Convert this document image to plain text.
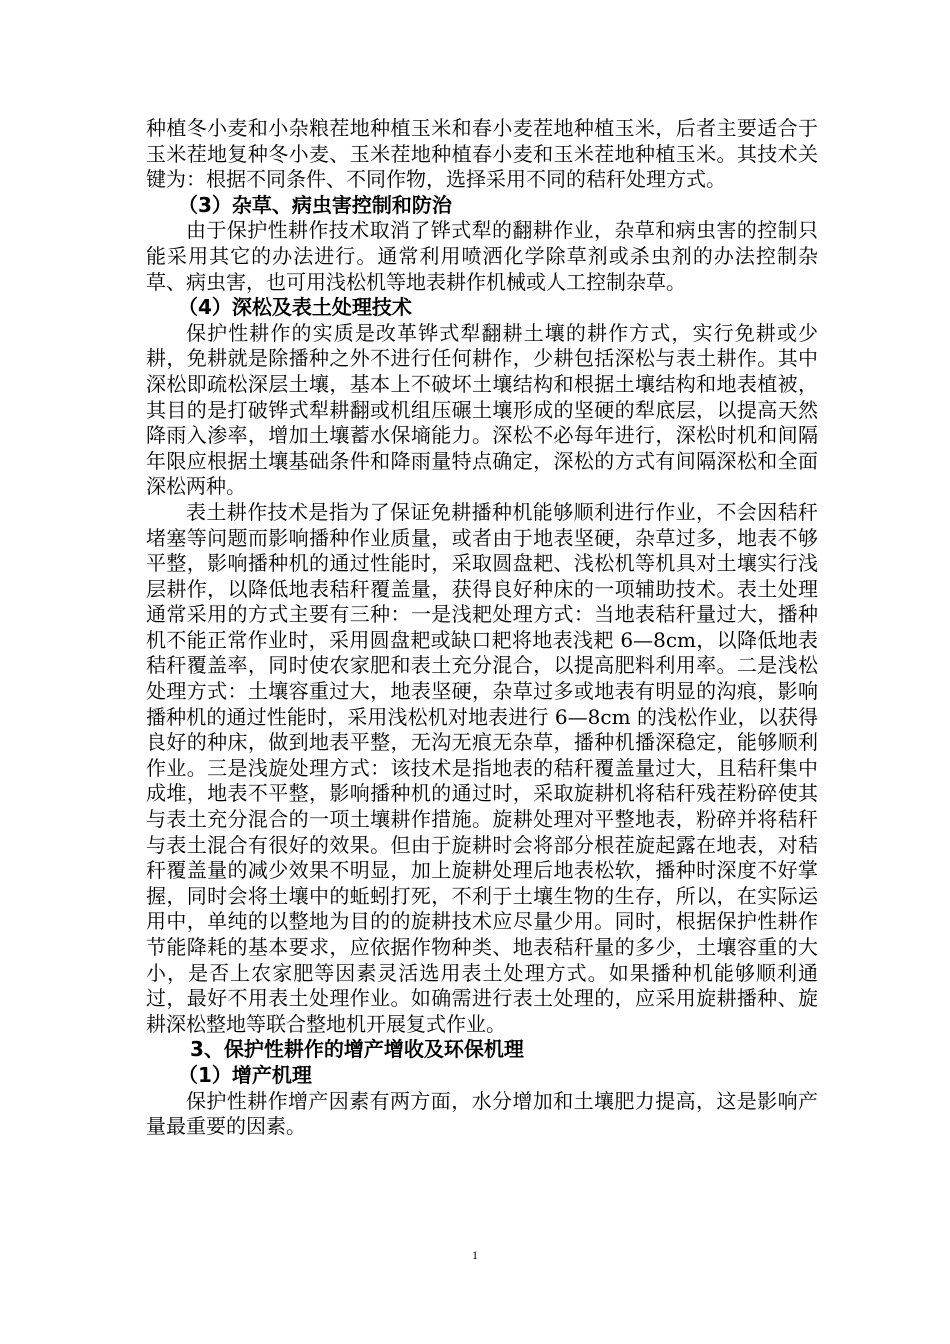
种植冬小麦和小杂粮茬地种植玉米和春小麦茬地种植玉米，后者主要适合于玉米茬地复种冬小麦、玉米茬地种植春小麦和玉米茬地种植玉米。其技术关键为：根据不同条件、不同作物，选择采用不同的秸秆处理方式。

（3）杂草、病虫害控制和防治

由于保护性耕作技术取消了铧式犁的翻耕作业，杂草和病虫害的控制只能采用其它的办法进行。通常利用喷洒化学除草剂或杀虫剂的办法控制杂草、病虫害，也可用浅松机等地表耕作机械或人工控制杂草。

（4）深松及表土处理技术

保护性耕作的实质是改革铧式犁翻耕土壤的耕作方式，实行免耕或少耕，免耕就是除播种之外不进行任何耕作，少耕包括深松与表土耕作。其中深松即疏松深层土壤，基本上不破坏土壤结构和根据土壤结构和地表植被，其目的是打破铧式犁耕翻或机组压碾土壤形成的坚硬的犁底层，以提高天然降雨入渗率，增加土壤蓄水保墒能力。深松不必每年进行，深松时机和间隔年限应根据土壤基础条件和降雨量特点确定，深松的方式有间隔深松和全面深松两种。

表土耕作技术是指为了保证免耕播种机能够顺利进行作业，不会因秸秆堵塞等问题而影响播种作业质量，或者由于地表坚硬，杂草过多，地表不够平整，影响播种机的通过性能时，采取圆盘耙、浅松机等机具对土壤实行浅层耕作，以降低地表秸秆覆盖量，获得良好种床的一项辅助技术。表土处理通常采用的方式主要有三种：一是浅耙处理方式：当地表秸秆量过大，播种机不能正常作业时，采用圆盘耙或缺口耙将地表浅耙 6—8cm，以降低地表秸秆覆盖率，同时使农家肥和表土充分混合，以提高肥料利用率。二是浅松处理方式：土壤容重过大，地表坚硬，杂草过多或地表有明显的沟痕，影响播种机的通过性能时，采用浅松机对地表进行 6—8cm 的浅松作业，以获得良好的种床，做到地表平整，无沟无痕无杂草，播种机播深稳定，能够顺利作业。三是浅旋处理方式：该技术是指地表的秸秆覆盖量过大，且秸秆集中成堆，地表不平整，影响播种机的通过时，采取旋耕机将秸秆残茬粉碎使其与表土充分混合的一项土壤耕作措施。旋耕处理对平整地表，粉碎并将秸秆与表土混合有很好的效果。但由于旋耕时会将部分根茬旋起露在地表，对秸秆覆盖量的减少效果不明显，加上旋耕处理后地表松软，播种时深度不好掌握，同时会将土壤中的蚯蚓打死，不利于土壤生物的生存，所以，在实际运用中，单纯的以整地为目的的旋耕技术应尽量少用。同时，根据保护性耕作节能降耗的基本要求，应依据作物种类、地表秸秆量的多少，土壤容重的大小，是否上农家肥等因素灵活选用表土处理方式。如果播种机能够顺利通过，最好不用表土处理作业。如确需进行表土处理的，应采用旋耕播种、旋耕深松整地等联合整地机开展复式作业。

3、保护性耕作的增产增收及环保机理

（1）增产机理

保护性耕作增产因素有两方面，水分增加和土壤肥力提高，这是影响产量最重要的因素。

1
